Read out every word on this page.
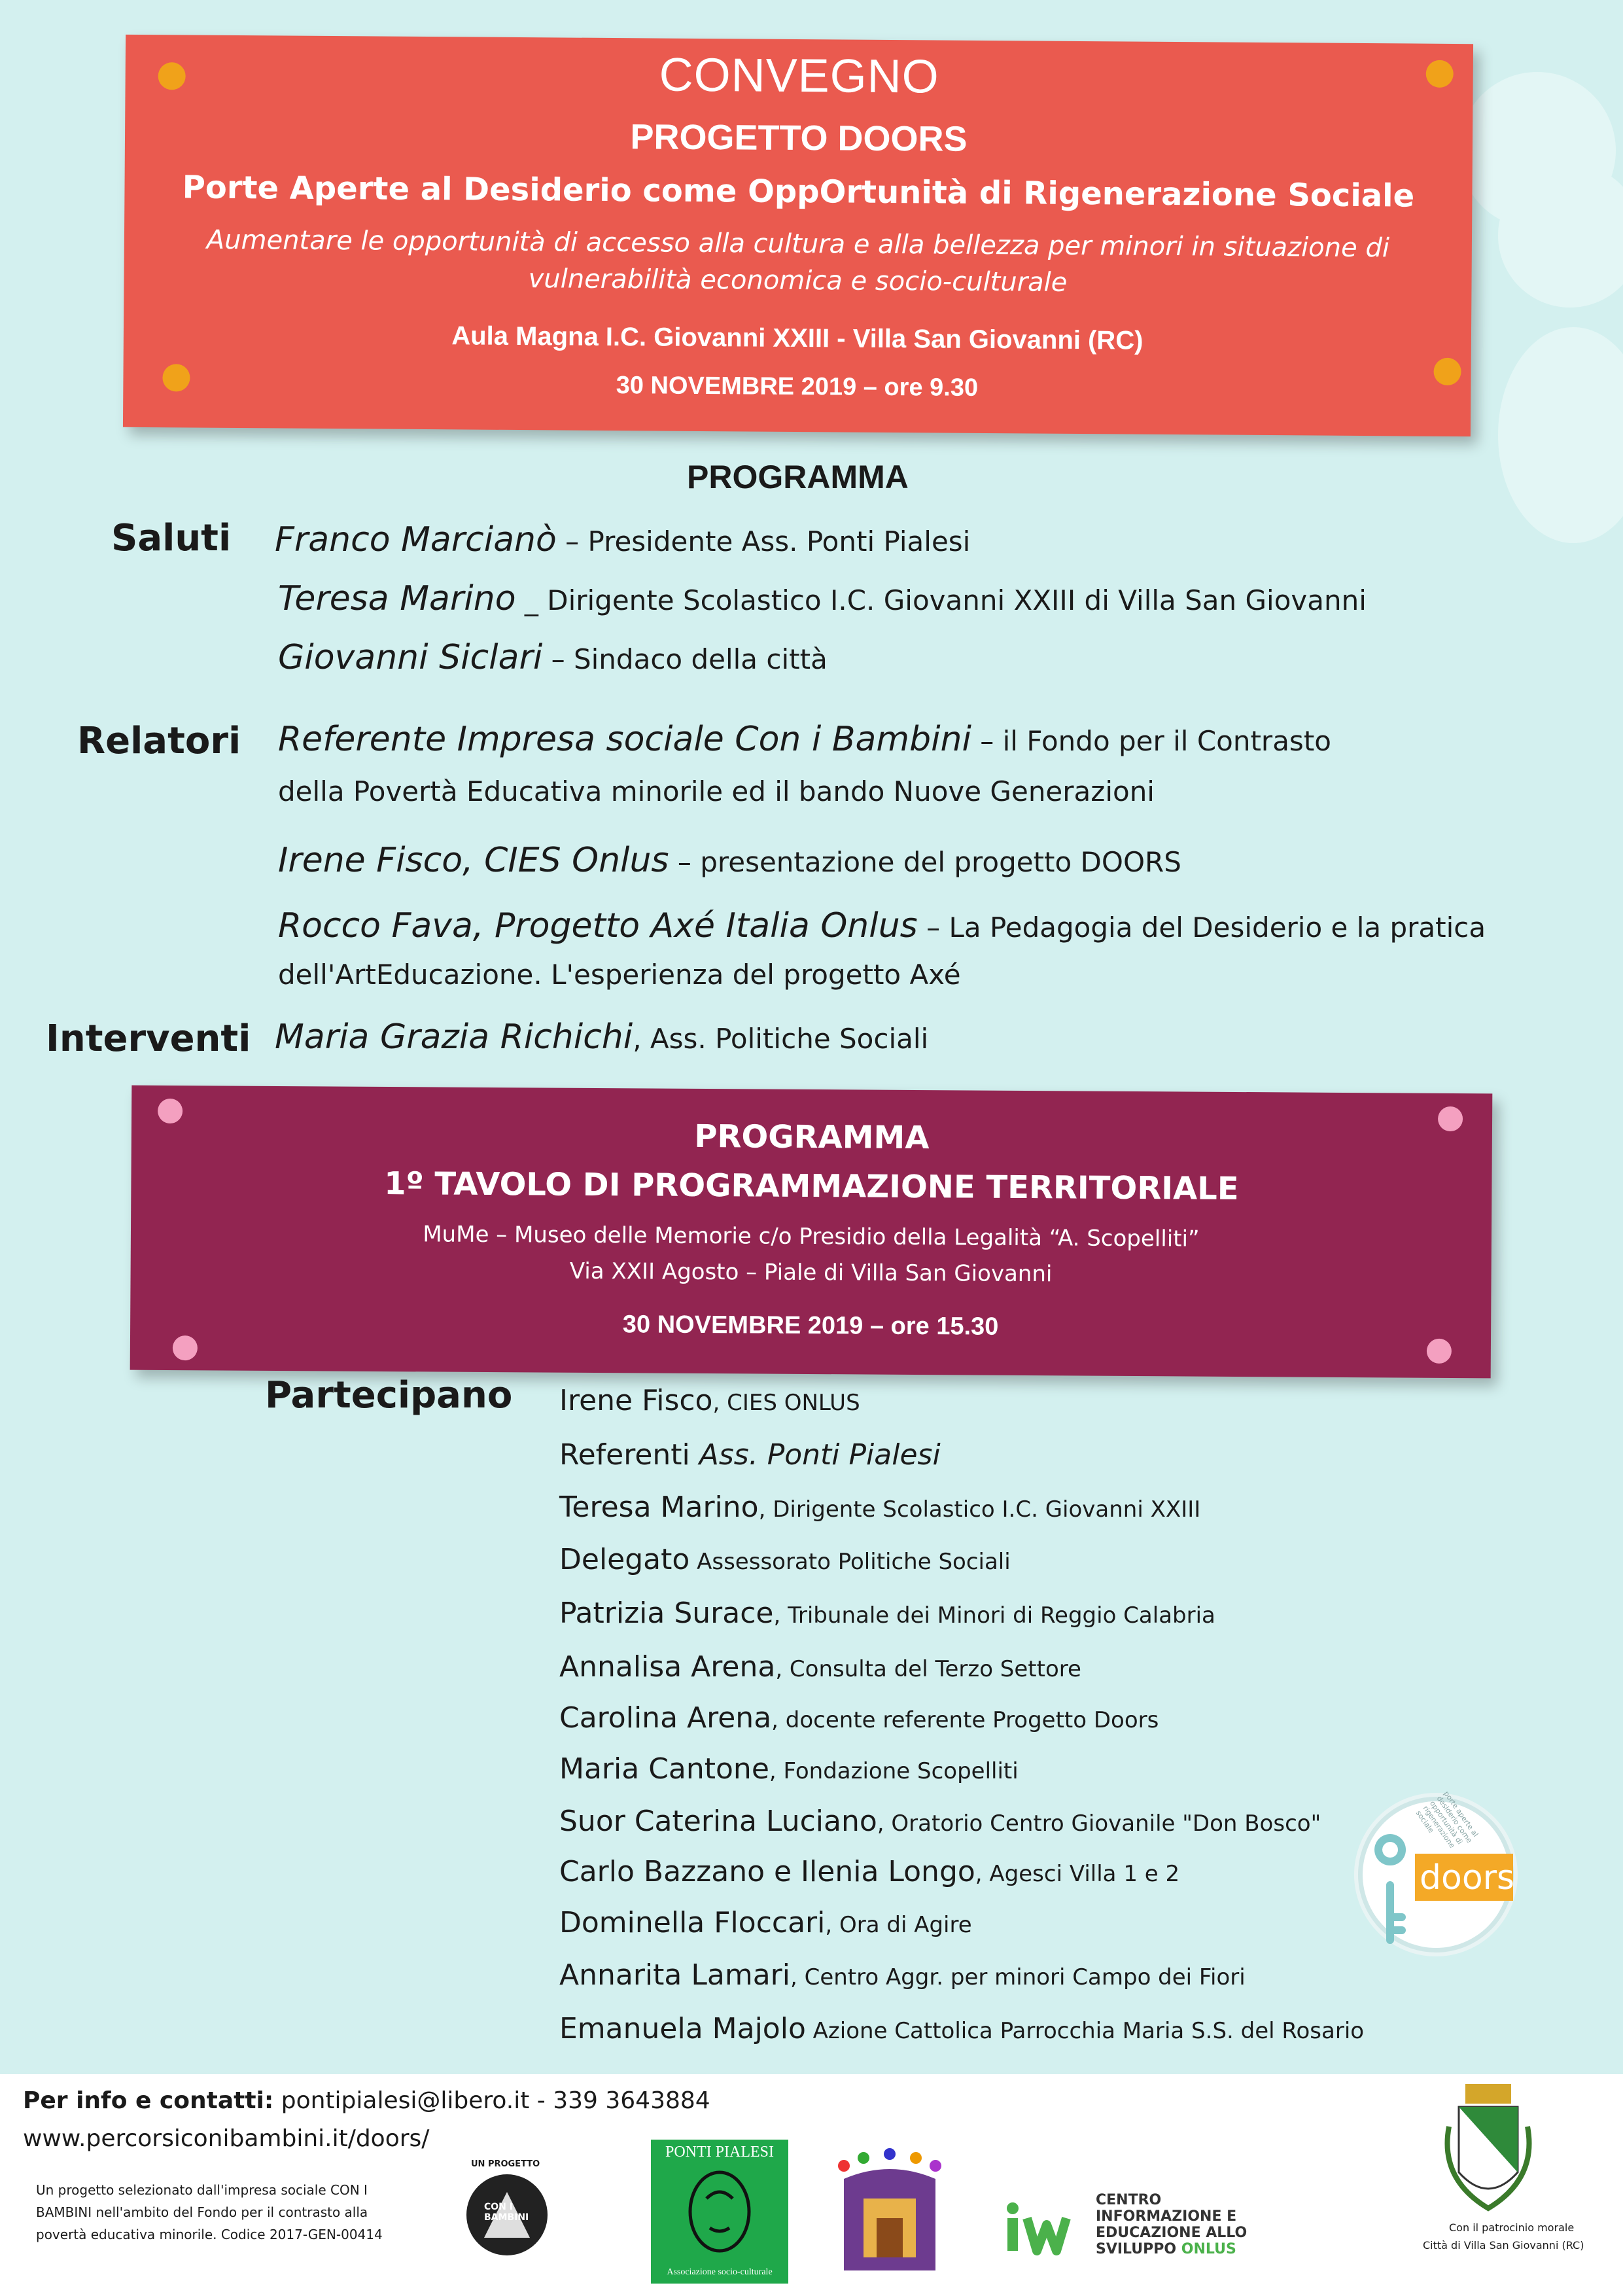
CONVEGNO
PROGETTO DOORS
Porte Aperte al Desiderio come OppOrtunità di Rigenerazione Sociale
Aumentare le opportunità di accesso alla cultura e alla bellezza per minori in situazione di vulnerabilità economica e socio-culturale
Aula Magna I.C. Giovanni XXIII - Villa San Giovanni (RC)
30 NOVEMBRE 2019 – ore 9.30
PROGRAMMA
Saluti Franco Marcianò – Presidente Ass. Ponti Pialesi
Teresa Marino _ Dirigente Scolastico I.C. Giovanni XXIII di Villa San Giovanni
Giovanni Siclari – Sindaco della città
Relatori Referente Impresa sociale Con i Bambini – il Fondo per il Contrasto
della Povertà Educativa minorile ed il bando Nuove Generazioni
Irene Fisco, CIES Onlus – presentazione del progetto DOORS
Rocco Fava, Progetto Axé Italia Onlus – La Pedagogia del Desiderio e la pratica
dell'ArtEducazione. L'esperienza del progetto Axé
Interventi Maria Grazia Richichi, Ass. Politiche Sociali
PROGRAMMA
1º TAVOLO DI PROGRAMMAZIONE TERRITORIALE
MuMe – Museo delle Memorie c/o Presidio della Legalità “A. Scopelliti”
Via XXII Agosto – Piale di Villa San Giovanni
30 NOVEMBRE 2019 – ore 15.30
Partecipano Irene Fisco, CIES ONLUS
Referenti Ass. Ponti Pialesi
Teresa Marino, Dirigente Scolastico I.C. Giovanni XXIII
Delegato Assessorato Politiche Sociali
Patrizia Surace, Tribunale dei Minori di Reggio Calabria
Annalisa Arena, Consulta del Terzo Settore
Carolina Arena, docente referente Progetto Doors
Maria Cantone, Fondazione Scopelliti
Suor Caterina Luciano, Oratorio Centro Giovanile "Don Bosco"
Carlo Bazzano e Ilenia Longo, Agesci Villa 1 e 2
Dominella Floccari, Ora di Agire
Annarita Lamari, Centro Aggr. per minori Campo dei Fiori
Emanuela Majolo Azione Cattolica Parrocchia Maria S.S. del Rosario
doors
porte aperte al desiderio come opportunità di rigenerazione sociale
Per info e contatti: pontipialesi@libero.it - 339 3643884
www.percorsiconibambini.it/doors/
Un progetto selezionato dall'impresa sociale CON I BAMBINI nell'ambito del Fondo per il contrasto alla povertà educativa minorile. Codice 2017-GEN-00414
UN PROGETTO
CON I BAMBINI
PONTI PIALESI
Associazione socio-culturale
CENTRO
INFORMAZIONE E
EDUCAZIONE ALLO
SVILUPPO ONLUS
Con il patrocinio morale
Città di Villa San Giovanni (RC)
